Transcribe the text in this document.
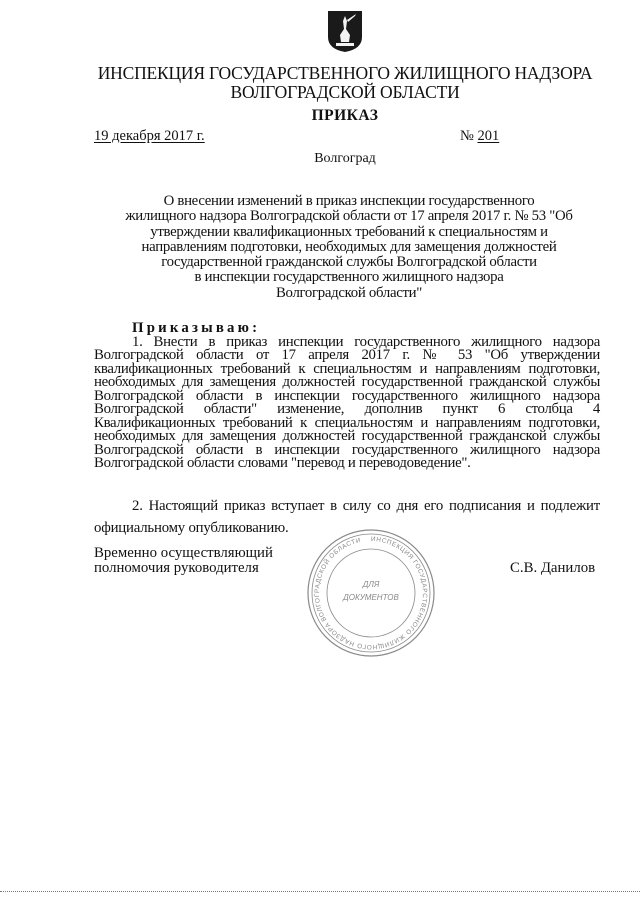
ИНСПЕКЦИЯ ГОСУДАРСТВЕННОГО ЖИЛИЩНОГО НАДЗОРА
ВОЛГОГРАДСКОЙ ОБЛАСТИ
ПРИКАЗ
19 декабря 2017 г.	№ 201
Волгоград
О внесении изменений в приказ инспекции государственного
жилищного надзора Волгоградской области от 17 апреля 2017 г. № 53 "Об
утверждении квалификационных требований к специальностям и
направлениям подготовки, необходимых для замещения должностей
государственной гражданской службы Волгоградской области
в инспекции государственного жилищного надзора
Волгоградской области"

Приказываю:

1. Внести в приказ инспекции государственного жилищного надзора Волгоградской области от 17 апреля 2017 г. № 53 "Об утверждении квалификационных требований к специальностям и направлениям подготовки, необходимых для замещения должностей государственной гражданской службы Волгоградской области в инспекции государственного жилищного надзора Волгоградской области" изменение, дополнив пункт 6 столбца 4 Квалификационных требований к специальностям и направлениям подготовки, необходимых для замещения должностей государственной гражданской службы Волгоградской области в инспекции государственного жилищного надзора Волгоградской области словами "перевод и переводоведение".

2. Настоящий приказ вступает в силу со дня его подписания и подлежит официальному опубликованию.

Временно осуществляющий
полномочия руководителя
ИНСПЕКЦИЯ ГОСУДАРСТВЕННОГО ЖИЛИЩНОГО НАДЗОРА ВОЛГОГРАДСКОЙ ОБЛАСТИ
ДЛЯ
ДОКУМЕНТОВ
С.В. Данилов
